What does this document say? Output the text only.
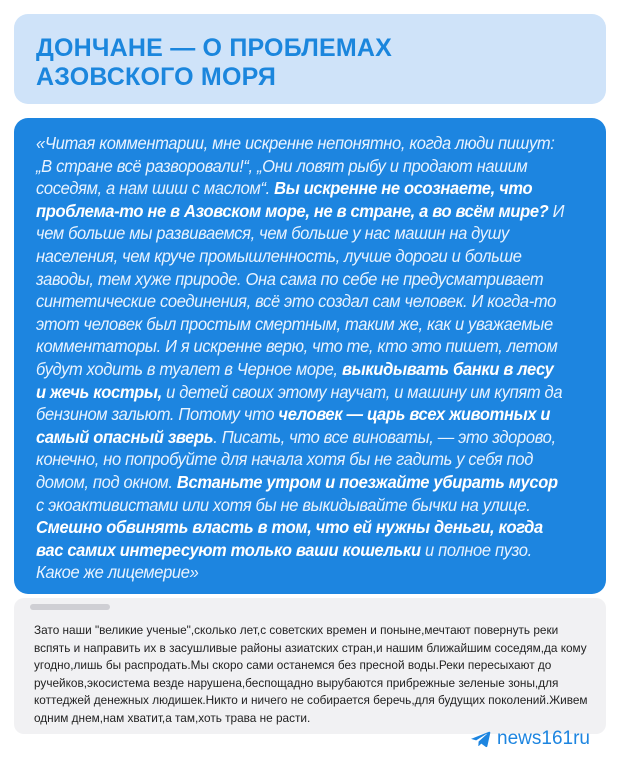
ДОНЧАНЕ — О ПРОБЛЕМАХ
АЗОВСКОГО МОРЯ
«Читая комментарии, мне искренне непонятно, когда люди пишут: „В стране всё разворовали!“, „Они ловят рыбу и продают нашим соседям, а нам шиш с маслом“. Вы искренне не осознаете, что проблема-то не в Азовском море, не в стране, а во всём мире? И чем больше мы развиваемся, чем больше у нас машин на душу населения, чем круче промышленность, лучше дороги и больше заводы, тем хуже природе. Она сама по себе не предусматривает синтетические соединения, всё это создал сам человек. И когда-то этот человек был простым смертным, таким же, как и уважаемые комментаторы. И я искренне верю, что те, кто это пишет, летом будут ходить в туалет в Черное море, выкидывать банки в лесу и жечь костры, и детей своих этому научат, и машину им купят да бензином зальют. Потому что человек — царь всех животных и самый опасный зверь. Писать, что все виноваты, — это здорово, конечно, но попробуйте для начала хотя бы не гадить у себя под домом, под окном. Встаньте утром и поезжайте убирать мусор с экоактивистами или хотя бы не выкидывайте бычки на улице. Смешно обвинять власть в том, что ей нужны деньги, когда вас самих интересуют только ваши кошельки и полное пузо. Какое же лицемерие»
Зато наши "великие ученые",сколько лет,с советских времен и поныне,мечтают повернуть реки вспять и направить их в засушливые районы азиатских стран,и нашим ближайшим соседям,да кому угодно,лишь бы распродать.Мы скоро сами останемся без пресной воды.Реки пересыхают до ручейков,экосистема везде нарушена,беспощадно вырубаются прибрежные зеленые зоны,для коттеджей денежных людишек.Никто и ничего не собирается беречь,для будущих поколений.Живем одним днем,нам хватит,а там,хоть трава не расти.
news161ru
